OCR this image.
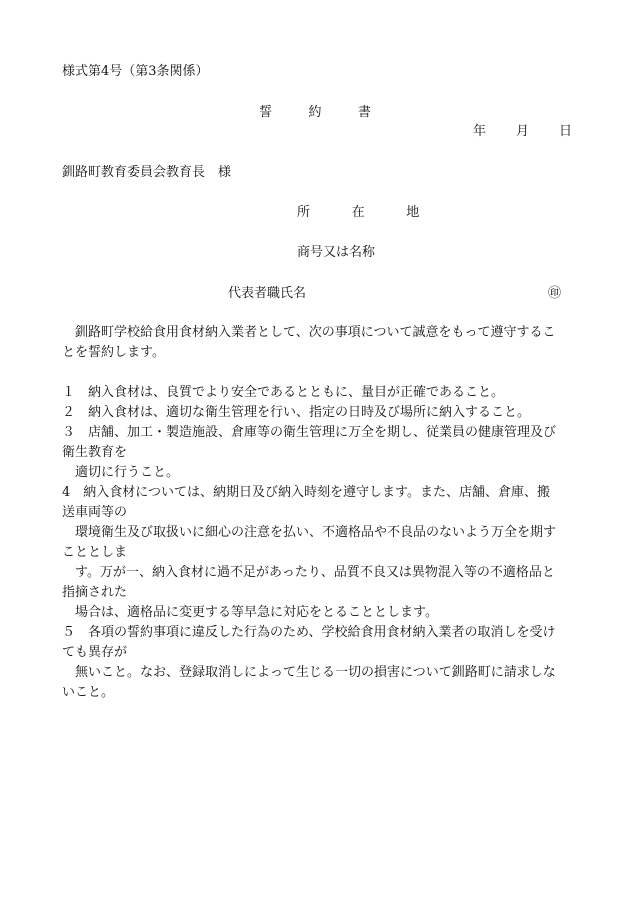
様式第4号（第3条関係）
誓　約　書
年 月 日
釧路町教育委員会教育長　様
所　在　地
商号又は名称
代表者職氏名	㊞
釧路町学校給食用食材納入業者として、次の事項について誠意をもって遵守するこ
とを誓約します。
１　納入食材は、良質でより安全であるとともに、量目が正確であること。
２　納入食材は、適切な衛生管理を行い、指定の日時及び場所に納入すること。
３　店舗、加工・製造施設、倉庫等の衛生管理に万全を期し、従業員の健康管理及び
衛生教育を
適切に行うこと。
4　納入食材については、納期日及び納入時刻を遵守します。また、店舗、倉庫、搬
送車両等の
環境衛生及び取扱いに細心の注意を払い、不適格品や不良品のないよう万全を期す
こととしま
す。万が一、納入食材に過不足があったり、品質不良又は異物混入等の不適格品と
指摘された
場合は、適格品に変更する等早急に対応をとることとします。
５　各項の誓約事項に違反した行為のため、学校給食用食材納入業者の取消しを受け
ても異存が
無いこと。なお、登録取消しによって生じる一切の損害について釧路町に請求しな
いこと。
